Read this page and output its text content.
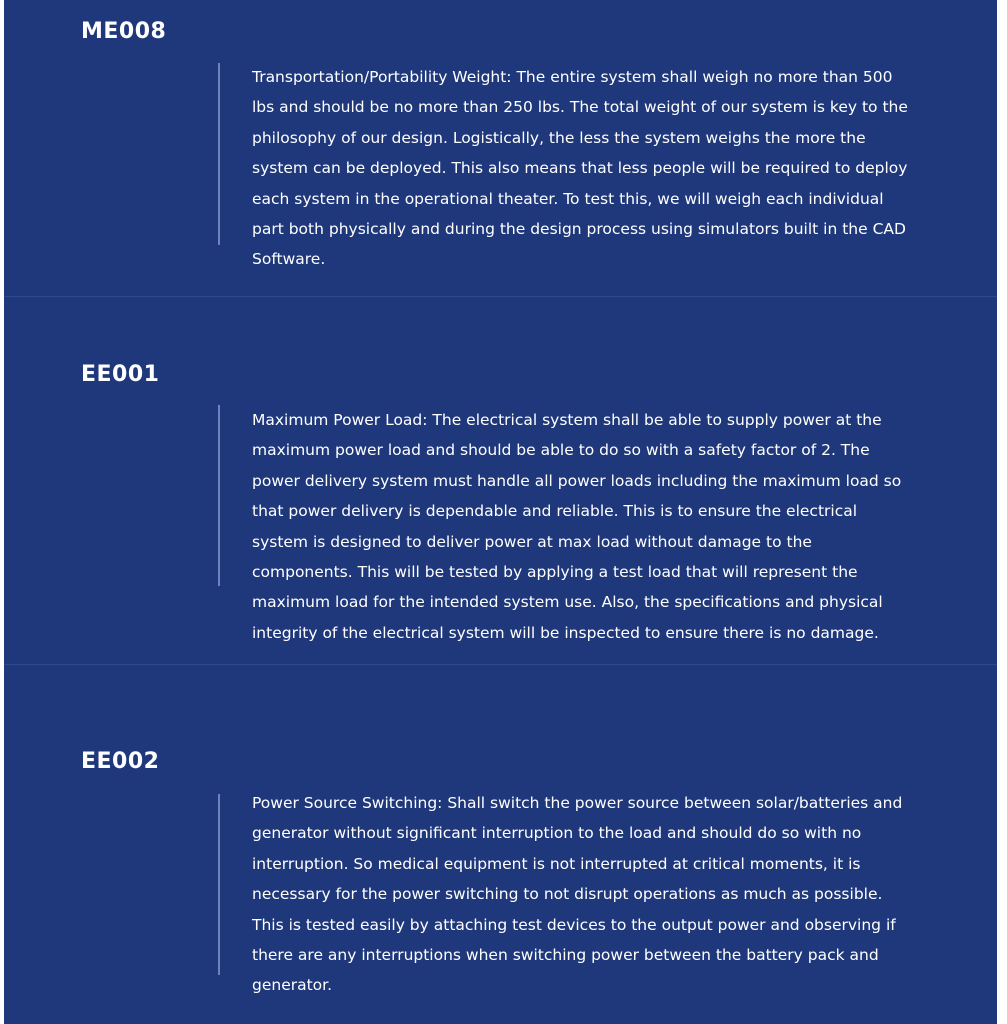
ME008

Transportation/Portability Weight: The entire system shall weigh no more than 500 lbs and should be no more than 250 lbs. The total weight of our system is key to the philosophy of our design. Logistically, the less the system weighs the more the system can be deployed. This also means that less people will be required to deploy each system in the operational theater. To test this, we will weigh each individual part both physically and during the design process using simulators built in the CAD Software.

EE001

Maximum Power Load: The electrical system shall be able to supply power at the maximum power load and should be able to do so with a safety factor of 2. The power delivery system must handle all power loads including the maximum load so that power delivery is dependable and reliable. This is to ensure the electrical system is designed to deliver power at max load without damage to the components. This will be tested by applying a test load that will represent the maximum load for the intended system use. Also, the specifications and physical integrity of the electrical system will be inspected to ensure there is no damage.

EE002

Power Source Switching: Shall switch the power source between solar/batteries and generator without significant interruption to the load and should do so with no interruption. So medical equipment is not interrupted at critical moments, it is necessary for the power switching to not disrupt operations as much as possible. This is tested easily by attaching test devices to the output power and observing if there are any interruptions when switching power between the battery pack and generator.
